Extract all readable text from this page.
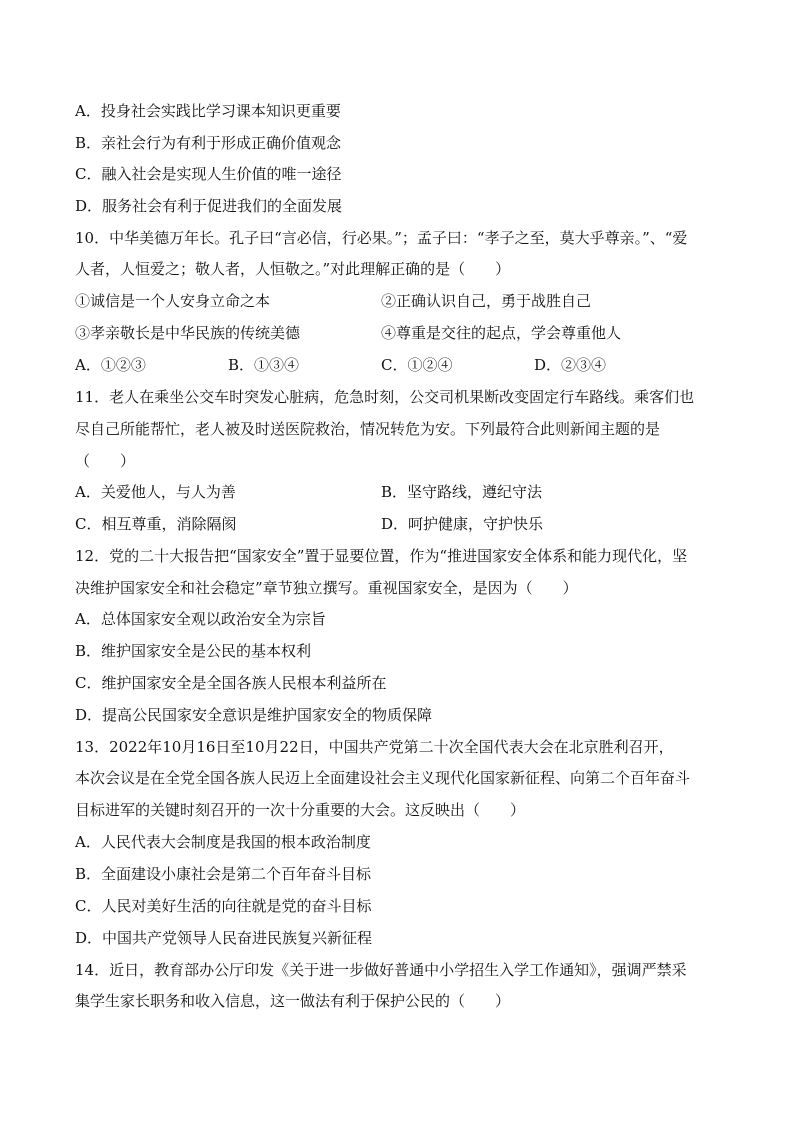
A．投身社会实践比学习课本知识更重要
B．亲社会行为有利于形成正确价值观念
C．融入社会是实现人生价值的唯一途径
D．服务社会有利于促进我们的全面发展
10．中华美德万年长。孔子曰“言必信，行必果。”；孟子曰：“孝子之至，莫大乎尊亲。”、“爱
人者，人恒爱之；敬人者，人恒敬之。”对此理解正确的是（　　）
①诚信是一个人安身立命之本	②正确认识自己，勇于战胜自己
③孝亲敬长是中华民族的传统美德	④尊重是交往的起点，学会尊重他人
A．①②③	B．①③④	C．①②④	D．②③④
11．老人在乘坐公交车时突发心脏病，危急时刻，公交司机果断改变固定行车路线。乘客们也
尽自己所能帮忙，老人被及时送医院救治，情况转危为安。下列最符合此则新闻主题的是
（　　）
A．关爱他人，与人为善	B．坚守路线，遵纪守法
C．相互尊重，消除隔阂	D．呵护健康，守护快乐
12．党的二十大报告把“国家安全”置于显要位置，作为“推进国家安全体系和能力现代化，坚
决维护国家安全和社会稳定”章节独立撰写。重视国家安全，是因为（　　）
A．总体国家安全观以政治安全为宗旨
B．维护国家安全是公民的基本权利
C．维护国家安全是全国各族人民根本利益所在
D．提高公民国家安全意识是维护国家安全的物质保障
13．2022年10月16日至10月22日，中国共产党第二十次全国代表大会在北京胜利召开，
本次会议是在全党全国各族人民迈上全面建设社会主义现代化国家新征程、向第二个百年奋斗
目标进军的关键时刻召开的一次十分重要的大会。这反映出（　　）
A．人民代表大会制度是我国的根本政治制度
B．全面建设小康社会是第二个百年奋斗目标
C．人民对美好生活的向往就是党的奋斗目标
D．中国共产党领导人民奋进民族复兴新征程
14．近日，教育部办公厅印发《关于进一步做好普通中小学招生入学工作通知》，强调严禁采
集学生家长职务和收入信息，这一做法有利于保护公民的（　　）
